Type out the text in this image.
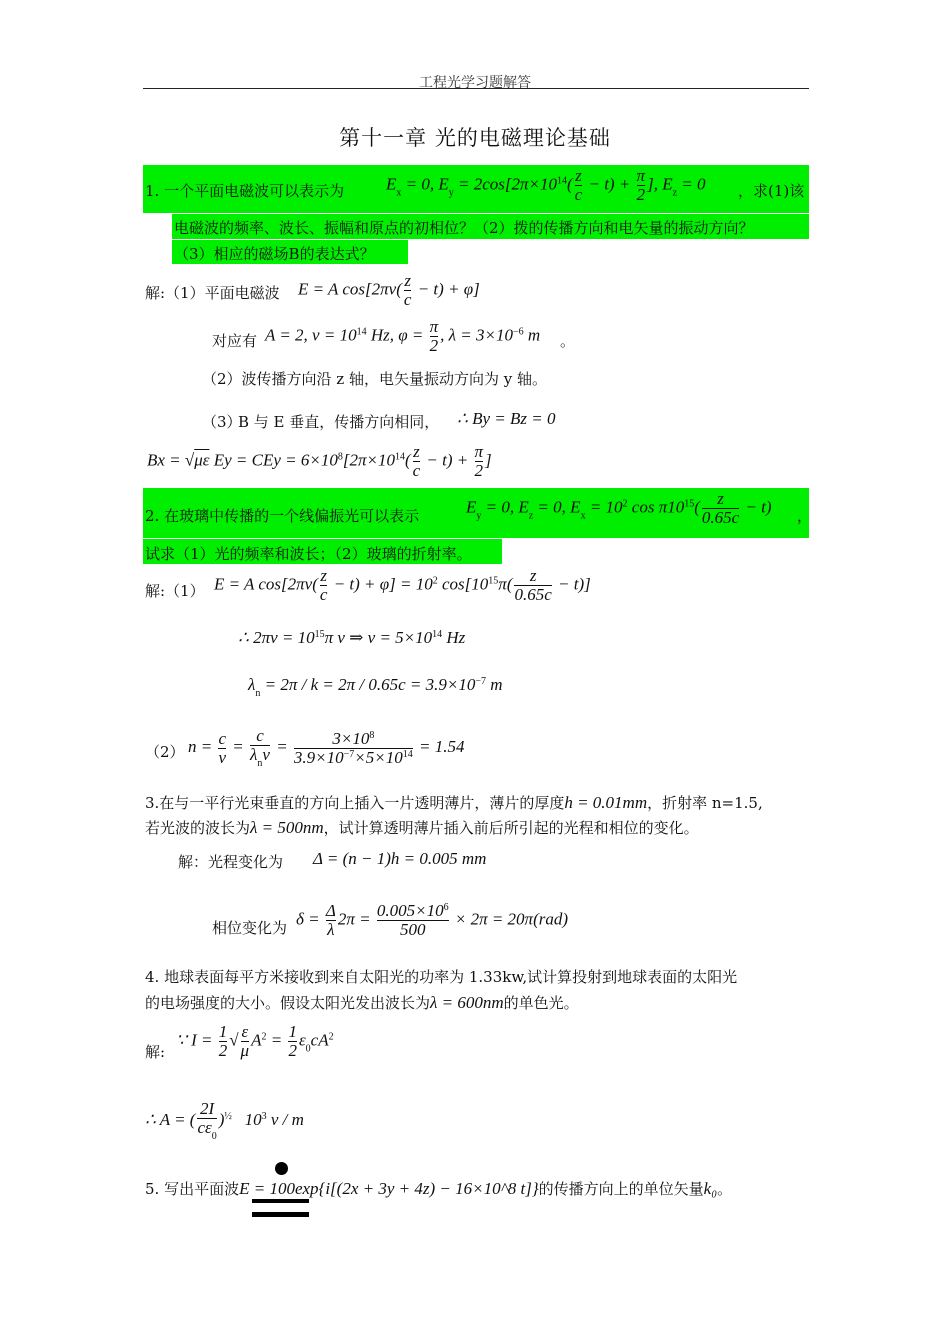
工程光学习题解答
第十一章 光的电磁理论基础
1. 一个平面电磁波可以表示为 $E_x = 0$, $E_y = 2\cos[2\pi\times 10^{14}( \frac{z}{c} - t) + \frac{\pi}{2}$ ], $E_z = 0$ ，求(1)该
电磁波的频率、波长、振幅和原点的初相位？（2）拨的传播方向和电矢量的振动方向？
（3）相应的磁场B的表达式？
解:（1）平面电磁波 E = A $\cos[2\pi\nu( \frac{z}{c} - t) + \varphi]$
对应有 A = 2, $\nu = 10^{14}$ Hz, $\varphi = \frac{\pi}{2}$ , $\lambda = 3\times 10^{-6}$ m 。
（2）波传播方向沿 z 轴，电矢量振动方向为 y 轴。
（3）
B 与 E 垂直，传播方向相同， ∴ By = Bz = 0
Bx = √με Ey = CEy = $6\times 10^8[2\pi\times 10^{14}( \frac{z}{c} - t) + \frac{\pi}{2}$ ]
2. 在玻璃中传播的一个线偏振光可以表示	$E_y = 0$, $E_z = 0$, $E_x = 10^2$ $\cos \pi 10^{15}( \frac{z}{0.65c} - t)$ ，
试求（1）光的频率和波长；（2）玻璃的折射率。
解:（1） E = A $\cos[2\pi\nu( \frac{z}{c} - t) + \varphi] = 10^2$ $\cos[10^{15}\pi( \frac{z}{0.65c} - t)]$
∴ $2\pi\nu = 10^{15}\pi$ v ⇒ $\nu = 5\times 10^{14}$ Hz
$\lambda_n = 2\pi / k = 2\pi / 0.65c = 3.9\times 10^{-7}$ m
（2） $n = \frac{c}{v} = \frac{c}{\lambda_n\nu} = \frac{3\times 10^8}{3.9\times 10^{-7}\times 5\times 10^{14}} = 1.54$
3.在与一平行光束垂直的方向上插入一片透明薄片，薄片的厚度h = 0.01mm，折射率 n=1.5,
若光波的波长为λ = 500nm，试计算透明薄片插入前后所引起的光程和相位的变化。
解：光程变化为 Δ = (n − 1)h = 0.005 mm
相位变化为 $\delta = \frac{\Delta}{\lambda} 2\pi = \frac{0.005\times 10^6}{500} \times 2\pi = 20\pi(rad)$
4. 地球表面每平方米接收到来自太阳光的功率为 1.33kw,试计算投射到地球表面的太阳光
的电场强度的大小。假设太阳光发出波长为λ = 600nm的单色光。
解:
∵ $I = \frac{1}{2}$ √ $\frac{\varepsilon}{\mu} A^2 = \frac{1}{2} \varepsilon_0cA^2$
∴ A = ( $\frac{2I}{c\varepsilon_0} )^{\frac{1}{2}}$   $10^3$ v / m
5. 写出平面波E = 100exp{i[(2x + 3y + 4z) − 16×10^8 t]}的传播方向上的单位矢量k₀。
